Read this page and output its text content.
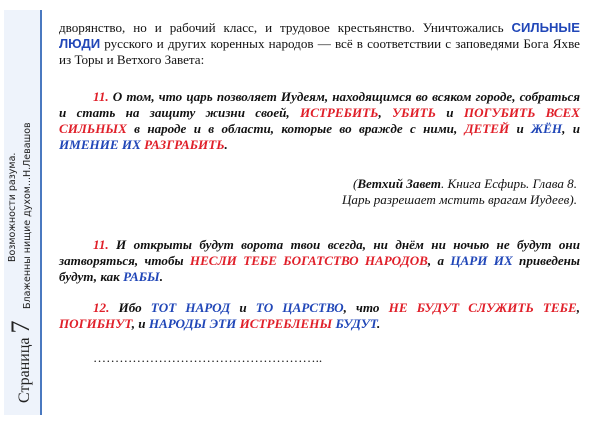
Возможности разума. Блаженны нищие духом...Н.Левашов
Страница 7

дворянство, но и рабочий класс, и трудовое крестьянство. Уничтожались СИЛЬНЫЕ ЛЮДИ русского и других коренных народов — всё в соответствии с заповедями Бога Яхве из Торы и Ветхого Завета:

11. О том, что царь позволяет Иудеям, находящимся во всяком городе, собраться и стать на защиту жизни своей, ИСТРЕБИТЬ, УБИТЬ и ПОГУБИТЬ ВСЕХ СИЛЬНЫХ в народе и в области, которые во вражде с ними, ДЕТЕЙ и ЖЁН, и ИМЕНИЕ ИХ РАЗГРАБИТЬ.

(Ветхий Завет. Книга Есфирь. Глава 8.
Царь разрешает мстить врагам Иудеев).

11. И открыты будут ворота твои всегда, ни днём ни ночью не будут они затворяться, чтобы НЕСЛИ ТЕБЕ БОГАТСТВО НАРОДОВ, а ЦАРИ ИХ приведены будут, как РАБЫ.

12. Ибо ТОТ НАРОД и ТО ЦАРСТВО, что НЕ БУДУТ СЛУЖИТЬ ТЕБЕ, ПОГИБНУТ, и НАРОДЫ ЭТИ ИСТРЕБЛЕНЫ БУДУТ.

……………………………………………..
